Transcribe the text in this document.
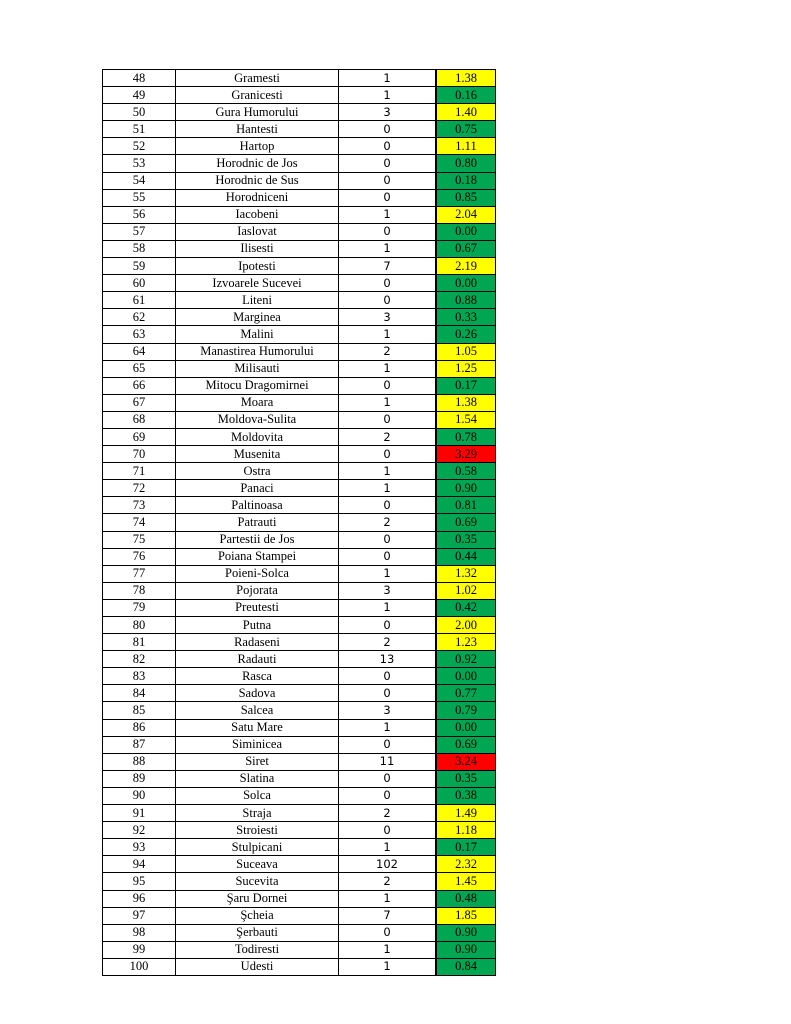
48	Gramesti	1		1.38
49	Granicesti	1		0.16
50	Gura Humorului	3		1.40
51	Hantesti	0		0.75
52	Hartop	0		1.11
53	Horodnic de Jos	0		0.80
54	Horodnic de Sus	0		0.18
55	Horodniceni	0		0.85
56	Iacobeni	1		2.04
57	Iaslovat	0		0.00
58	Ilisesti	1		0.67
59	Ipotesti	7		2.19
60	Izvoarele Sucevei	0		0.00
61	Liteni	0		0.88
62	Marginea	3		0.33
63	Malini	1		0.26
64	Manastirea Humorului	2		1.05
65	Milisauti	1		1.25
66	Mitocu Dragomirnei	0		0.17
67	Moara	1		1.38
68	Moldova-Sulita	0		1.54
69	Moldovita	2		0.78
70	Musenita	0		3.29
71	Ostra	1		0.58
72	Panaci	1		0.90
73	Paltinoasa	0		0.81
74	Patrauti	2		0.69
75	Partestii de Jos	0		0.35
76	Poiana Stampei	0		0.44
77	Poieni-Solca	1		1.32
78	Pojorata	3		1.02
79	Preutesti	1		0.42
80	Putna	0		2.00
81	Radaseni	2		1.23
82	Radauti	13		0.92
83	Rasca	0		0.00
84	Sadova	0		0.77
85	Salcea	3		0.79
86	Satu Mare	1		0.00
87	Siminicea	0		0.69
88	Siret	11		3.24
89	Slatina	0		0.35
90	Solca	0		0.38
91	Straja	2		1.49
92	Stroiesti	0		1.18
93	Stulpicani	1		0.17
94	Suceava	102		2.32
95	Sucevita	2		1.45
96	Şaru Dornei	1		0.48
97	Şcheia	7		1.85
98	Şerbauti	0		0.90
99	Todiresti	1		0.90
100	Udesti	1		0.84
